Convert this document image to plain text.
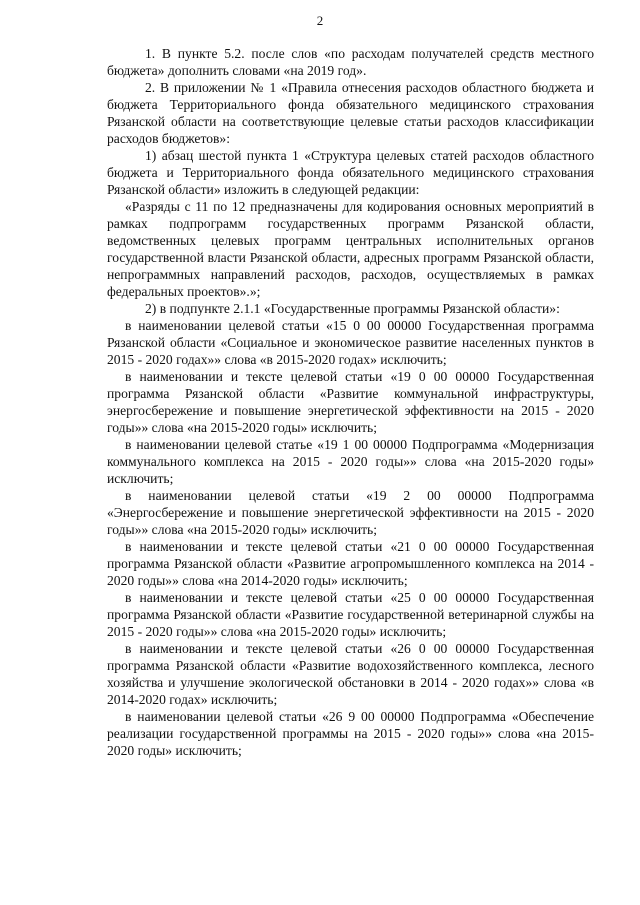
2

1. В пункте 5.2. после слов «по расходам получателей средств местного бюджета» дополнить словами «на 2019 год».

2. В приложении № 1 «Правила отнесения расходов областного бюджета и бюджета Территориального фонда обязательного медицинского страхования Рязанской области на соответствующие целевые статьи расходов классификации расходов бюджетов»:

1) абзац шестой пункта 1 «Структура целевых статей расходов областного бюджета и Территориального фонда обязательного медицинского страхования Рязанской области» изложить в следующей редакции:

«Разряды с 11 по 12 предназначены для кодирования основных мероприятий в рамках подпрограмм государственных программ Рязанской области, ведомственных целевых программ центральных исполнительных органов государственной власти Рязанской области, адресных программ Рязанской области, непрограммных направлений расходов, расходов, осуществляемых в рамках федеральных проектов».»;

2) в подпункте 2.1.1 «Государственные программы Рязанской области»:

в наименовании целевой статьи «15 0 00 00000 Государственная программа Рязанской области «Социальное и экономическое развитие населенных пунктов в 2015 - 2020 годах»» слова «в 2015-2020 годах» исключить;

в наименовании и тексте целевой статьи «19 0 00 00000 Государственная программа Рязанской области «Развитие коммунальной инфраструктуры, энергосбережение и повышение энергетической эффективности на 2015 - 2020 годы»» слова «на 2015-2020 годы» исключить;

в наименовании целевой статье «19 1 00 00000 Подпрограмма «Модернизация коммунального комплекса на 2015 - 2020 годы»» слова «на 2015-2020 годы» исключить;

в наименовании целевой статьи «19 2 00 00000 Подпрограмма «Энергосбережение и повышение энергетической эффективности на 2015 - 2020 годы»» слова «на 2015-2020 годы» исключить;

в наименовании и тексте целевой статьи «21 0 00 00000 Государственная программа Рязанской области «Развитие агропромышленного комплекса на 2014 - 2020 годы»» слова «на 2014-2020 годы» исключить;

в наименовании и тексте целевой статьи «25 0 00 00000 Государственная программа Рязанской области «Развитие государственной ветеринарной службы на 2015 - 2020 годы»» слова «на 2015-2020 годы» исключить;

в наименовании и тексте целевой статьи «26 0 00 00000 Государственная программа Рязанской области «Развитие водохозяйственного комплекса, лесного хозяйства и улучшение экологической обстановки в 2014 - 2020 годах»» слова «в 2014-2020 годах» исключить;

в наименовании целевой статьи «26 9 00 00000 Подпрограмма «Обеспечение реализации государственной программы на 2015 - 2020 годы»» слова «на 2015-2020 годы» исключить;
